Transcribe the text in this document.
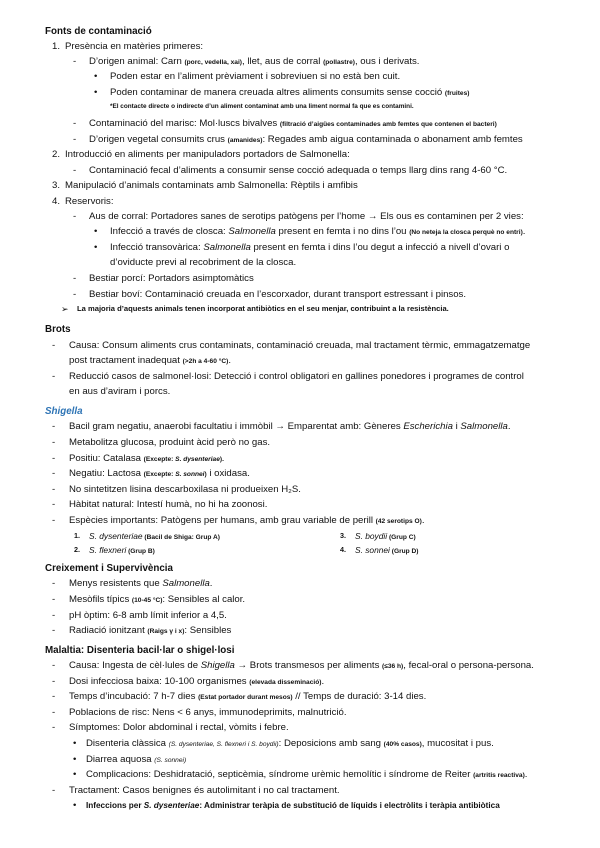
Fonts de contaminació
1. Presència en matèries primeres:
- D’origen animal: Carn (porc, vedella, xai), llet, aus de corral (pollastre), ous i derivats.
• Poden estar en l’aliment prèviament i sobreviuen si no està ben cuit.
• Poden contaminar de manera creuada altres aliments consumits sense cocció (fruites)
*El contacte directe o indirecte d’un aliment contaminat amb una liment normal fa que es contamini.
- Contaminació del marisc: Mol·luscs bivalves (filtració d’aigües contaminades amb femtes que contenen el bacteri)
- D’origen vegetal consumits crus (amanides): Regades amb aigua contaminada o abonament amb femtes
2. Introducció en aliments per manipuladors portadors de Salmonella:
- Contaminació fecal d’aliments a consumir sense cocció adequada o temps llarg dins rang 4-60 °C.
3. Manipulació d’animals contaminats amb Salmonella: Rèptils i amfibis
4. Reservoris:
- Aus de corral: Portadores sanes de serotips patògens per l’home → Els ous es contaminen per 2 vies:
• Infecció a través de closca: Salmonella present en femta i no dins l’ou (No neteja la closca perquè no entri).
• Infecció transovàrica: Salmonella present en femta i dins l’ou degut a infecció a nivell d’ovari o
d’oviducte previ al recobriment de la closca.
- Bestiar porcí: Portadors asimptomàtics
- Bestiar boví: Contaminació creuada en l’escorxador, durant transport estressant i pinsos.
➢ La majoria d’aquests animals tenen incorporat antibiòtics en el seu menjar, contribuint a la resistència.
Brots
- Causa: Consum aliments crus contaminats, contaminació creuada, mal tractament tèrmic, emmagatzematge
post tractament inadequat (>2h a 4-60 °C).
- Reducció casos de salmonel·losi: Detecció i control obligatori en gallines ponedores i programes de control
en aus d’aviram i porcs.
Shigella
- Bacil gram negatiu, anaerobi facultatiu i immòbil → Emparentat amb: Gèneres Escherichia i Salmonella.
- Metabolitza glucosa, produint àcid però no gas.
- Positiu: Catalasa (Excepte: S. dysenteriae).
- Negatiu: Lactosa (Excepte: S. sonnei) i oxidasa.
- No sintetitzen lisina descarboxilasa ni produeixen H₂S.
- Hàbitat natural: Intestí humà, no hi ha zoonosi.
- Espècies importants: Patògens per humans, amb grau variable de perill (42 serotips O).
1. S. dysenteriae (Bacil de Shiga: Grup A)
2. S. flexneri (Grup B)
3. S. boydii (Grup C)
4. S. sonnei (Grup D)
Creixement i Supervivència
- Menys resistents que Salmonella.
- Mesòfils típics (10-45 °C): Sensibles al calor.
- pH òptim: 6-8 amb límit inferior a 4,5.
- Radiació ionitzant (Raigs γ i x): Sensibles
Malaltia: Disenteria bacil·lar o shigel·losi
- Causa: Ingesta de cèl·lules de Shigella → Brots transmesos per aliments (≤36 h), fecal-oral o persona-persona.
- Dosi infecciosa baixa: 10-100 organismes (elevada disseminació).
- Temps d’incubació: 7 h-7 dies (Estat portador durant mesos) // Temps de duració: 3-14 dies.
- Poblacions de risc: Nens < 6 anys, immunodeprimits, malnutrició.
- Símptomes: Dolor abdominal i rectal, vòmits i febre.
• Disenteria clàssica (S. dysenteriae, S. flexneri i S. boydii): Deposicions amb sang (40% casos), mucositat i pus.
• Diarrea aquosa (S. sonnei)
• Complicacions: Deshidratació, septicèmia, síndrome urèmic hemolític i síndrome de Reiter (artritis reactiva).
- Tractament: Casos benignes és autolimitant i no cal tractament.
• Infeccions per S. dysenteriae: Administrar teràpia de substitució de líquids i electròlits i teràpia antibiòtica
